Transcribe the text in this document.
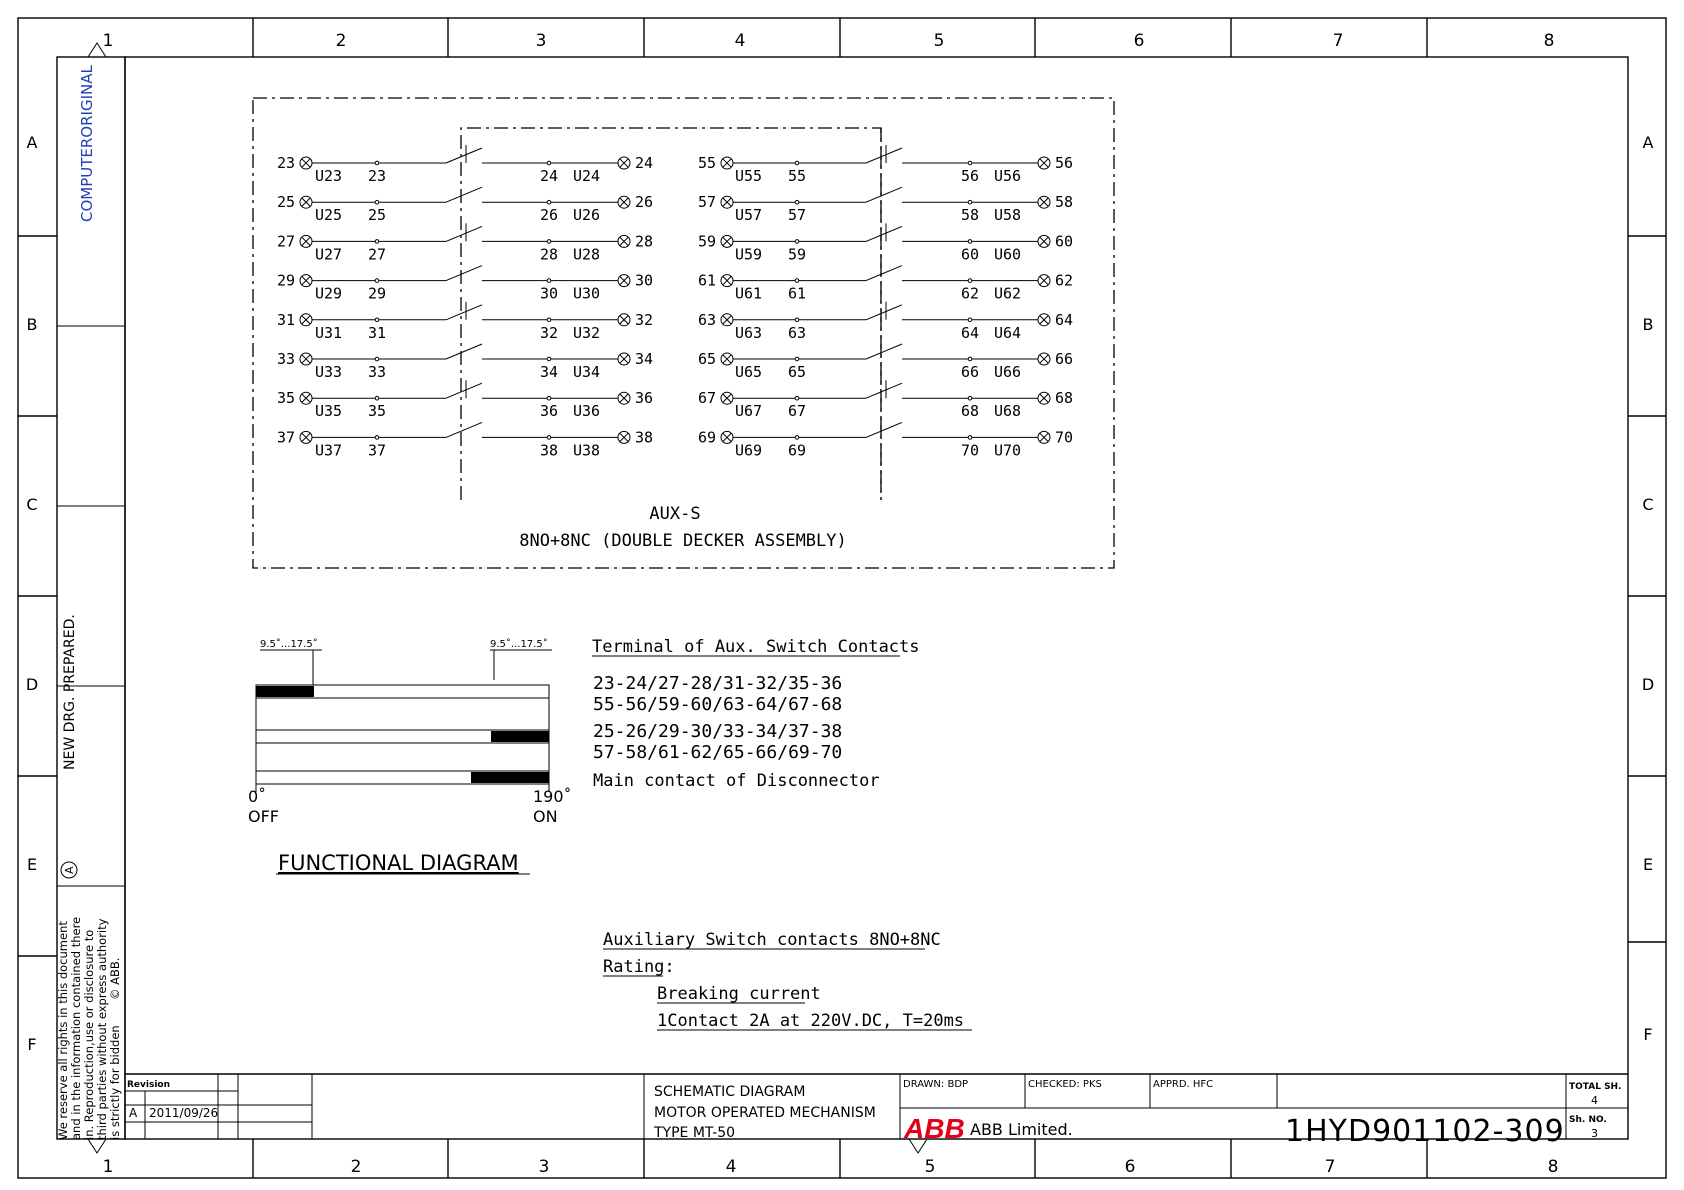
1	2	3	4	5	6	7	8
1	2	3	4	5	6	7	8
A
B
C
D
E
F
A
B
C
D
E
F
COMPUTERORIGINAL
NEW DRG. PREPARED.
A
We reserve all rights in this document and in the information contained there in. Reproduction,use or disclosure to third parties without express authority is strictly for bidden
© ABB.
23
U23 23	24 U24
24
25
U25 25	26 U26
26
27
U27 27	28 U28
28
29
U29 29	30 U30
30
31
U31 31	32 U32
32
33
U33 33	34 U34
34
35
U35 35	36 U36
36
37
U37 37	38 U38
38
55
U55 55	56 U56
56
57
U57 57	58 U58
58
59
U59 59	60 U60
60
61
U61 61	62 U62
62
63
U63 63	64 U64
64
65
U65 65	66 U66
66
67
U67 67	68 U68
68
69
U69 69	70 U70
70
AUX-S
8NO+8NC (DOUBLE DECKER ASSEMBLY)
9.5˚...17.5˚	9.5˚...17.5˚
0˚
OFF
190˚
ON
FUNCTIONAL DIAGRAM
Terminal of Aux. Switch Contacts
23-24/27-28/31-32/35-36
55-56/59-60/63-64/67-68
25-26/29-30/33-34/37-38
57-58/61-62/65-66/69-70
Main contact of Disconnector
Auxiliary Switch contacts 8NO+8NC
Rating:
Breaking current
1Contact 2A at 220V.DC, T=20ms
Revision
A 2011/09/26
SCHEMATIC DIAGRAM
MOTOR OPERATED MECHANISM
TYPE MT-50
DRAWN: BDP	CHECKED: PKS	APPRD. HFC
ABB ABB Limited.	1HYD901102-309
TOTAL SH.
4
Sh. NO.
3
